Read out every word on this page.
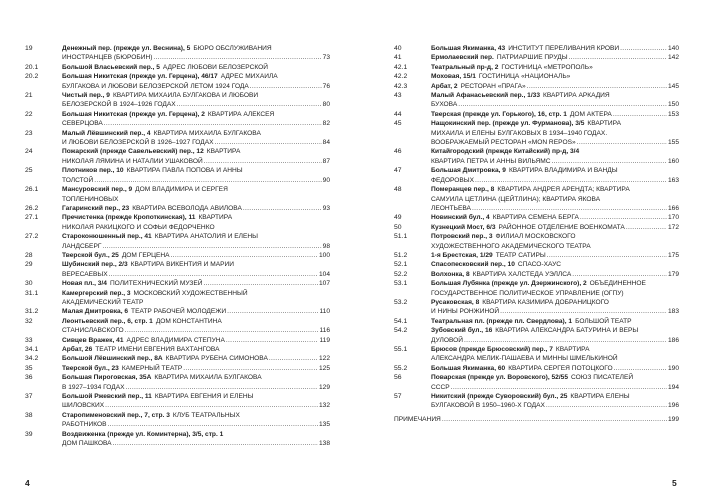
19	Денежный пер. (прежде ул. Веснина), 5 БЮРО ОБСЛУЖИВАНИЯ
ИНОСТРАНЦЕВ (БЮРОБИН) .....	73
20.1	Большой Власьевский пер., 5 АДРЕС ЛЮБОВИ БЕЛОЗЕРСКОЙ
20.2	Большая Никитская (прежде ул. Герцена), 46/17 АДРЕС МИХАИЛА
БУЛГАКОВА И ЛЮБОВИ БЕЛОЗЕРСКОЙ ЛЕТОМ 1924 ГОДА .....	76
21	Чистый пер., 9 КВАРТИРА МИХАИЛА БУЛГАКОВА И ЛЮБОВИ
БЕЛОЗЕРСКОЙ В 1924–1926 ГОДАХ .....	80
22	Большая Никитская (прежде ул. Герцена), 2 КВАРТИРА АЛЕКСЕЯ
СЕВЕРЦОВА .....	82
23	Малый Лёвшинский пер., 4 КВАРТИРА МИХАИЛА БУЛГАКОВА
И ЛЮБОВИ БЕЛОЗЕРСКОЙ В 1926–1927 ГОДАХ .....	84
24	Пожарский (прежде Савельевский) пер., 12 КВАРТИРА
НИКОЛАЯ ЛЯМИНА И НАТАЛИИ УШАКОВОЙ .....	87
25	Плотников пер., 10 КВАРТИРА ПАВЛА ПОПОВА И АННЫ
ТОЛСТОЙ .....	90
26.1	Мансуровский пер., 9 ДОМ ВЛАДИМИРА И СЕРГЕЯ
ТОПЛЕНИНОВЫХ
26.2	Гагаринский пер., 23 КВАРТИРА ВСЕВОЛОДА АВИЛОВА .....	93
27.1	Пречистенка (прежде Кропоткинская), 11 КВАРТИРА
НИКОЛАЯ РАКИЦКОГО И СОФЬИ ФЕДОРЧЕНКО
27.2	Староконюшенный пер., 41 КВАРТИРА АНАТОЛИЯ И ЕЛЕНЫ
ЛАНДСБЕРГ .....	98
28	Тверской бул., 25 ДОМ ГЕРЦЕНА .....	100
29	Шубинский пер., 2/3 КВАРТИРА ВИКЕНТИЯ И МАРИИ
ВЕРЕСАЕВЫХ .....	104
30	Новая пл., 3/4 ПОЛИТЕХНИЧЕСКИЙ МУЗЕЙ .....	107
31.1	Камергерский пер., 3 МОСКОВСКИЙ ХУДОЖЕСТВЕННЫЙ
АКАДЕМИЧЕСКИЙ ТЕАТР
31.2	Малая Дмитровка, 6 ТЕАТР РАБОЧЕЙ МОЛОДЕЖИ .....	110
32	Леонтьевский пер., 6, стр. 1 ДОМ КОНСТАНТИНА
СТАНИСЛАВСКОГО .....	116
33	Сивцев Вражек, 41 АДРЕС ВЛАДИМИРА СТЕПУНА .....	119
34.1	Арбат, 26 ТЕАТР ИМЕНИ ЕВГЕНИЯ ВАХТАНГОВА
34.2	Большой Лёвшинский пер., 8А КВАРТИРА РУБЕНА СИМОНОВА .....	122
35	Тверской бул., 23 КАМЕРНЫЙ ТЕАТР .....	125
36	Большая Пироговская, 35А КВАРТИРА МИХАИЛА БУЛГАКОВА
В 1927–1934 ГОДАХ .....	129
37	Большой Ржевский пер., 11 КВАРТИРА ЕВГЕНИЯ И ЕЛЕНЫ
ШИЛОВСКИХ .....	132
38	Старопименовский пер., 7, стр. 3 КЛУБ ТЕАТРАЛЬНЫХ
РАБОТНИКОВ .....	135
39	Воздвиженка (прежде ул. Коминтерна), 3/5, стр. 1
ДОМ ПАШКОВА .....	138
40	Большая Якиманка, 43 ИНСТИТУТ ПЕРЕЛИВАНИЯ КРОВИ .....	140
41	Ермолаевский пер. ПАТРИАРШИЕ ПРУДЫ .....	142
42.1	Театральный пр-д, 2 ГОСТИНИЦА «МЕТРОПОЛЬ»
42.2	Моховая, 15/1 ГОСТИНИЦА «НАЦИОНАЛЬ»
42.3	Арбат, 2 РЕСТОРАН «ПРАГА» .....	145
43	Малый Афанасьевский пер., 1/33 КВАРТИРА АРКАДИЯ
БУХОВА .....	150
44	Тверская (прежде ул. Горького), 16, стр. 1 ДОМ АКТЕРА .....	153
45	Нащокинский пер. (прежде ул. Фурманова), 3/5 КВАРТИРА
МИХАИЛА И ЕЛЕНЫ БУЛГАКОВЫХ В 1934–1940 ГОДАХ.
ВООБРАЖАЕМЫЙ РЕСТОРАН «MON REPOS» .....	155
46	Китайгородский (прежде Китайский) пр-д, 3/4
КВАРТИРА ПЕТРА И АННЫ ВИЛЬЯМС .....	160
47	Большая Дмитровка, 9 КВАРТИРА ВЛАДИМИРА И ВАНДЫ
ФЕДОРОВЫХ .....	163
48	Померанцев пер., 8 КВАРТИРА АНДРЕЯ АРЕНДТА; КВАРТИРА
САМУИЛА ЦЕТЛИНА (ЦЕЙТЛИНА); КВАРТИРА ЯКОВА
ЛЕОНТЬЕВА .....	166
49	Новинский бул., 4 КВАРТИРА СЕМЕНА БЕРГА .....	170
50	Кузнецкий Мост, 6/3 РАЙОННОЕ ОТДЕЛЕНИЕ ВОЕНКОМАТА .....	172
51.1	Потровский пер., 3 ФИЛИАЛ МОСКОВСКОГО
ХУДОЖЕСТВЕННОГО АКАДЕМИЧЕСКОГО ТЕАТРА
51.2	1-я Брестская, 1/29 ТЕАТР САТИРЫ .....	175
52.1	Спасопесковский пер., 10 СПАСО-ХАУС
52.2	Волхонка, 8 КВАРТИРА ХАЛСТЕДА УЭЛЛСА .....	179
53.1	Большая Лубянка (прежде ул. Дзержинского), 2 ОБЪЕДИНЕННОЕ
ГОСУДАРСТВЕННОЕ ПОЛИТИЧЕСКОЕ УПРАВЛЕНИЕ (ОГПУ)
53.2	Русаковская, 8 КВАРТИРА КАЗИМИРА ДОБРАНИЦКОГО
И НИНЫ РОНЖИНОЙ .....	183
54.1	Театральная пл. (прежде пл. Свердлова), 1 БОЛЬШОЙ ТЕАТР
54.2	Зубовский бул., 16 КВАРТИРА АЛЕКСАНДРА БАТУРИНА И ВЕРЫ
ДУЛОВОЙ .....	186
55.1	Брюсов (прежде Брюсовский) пер., 7 КВАРТИРА
АЛЕКСАНДРА МЕЛИК-ПАШАЕВА И МИННЫ ШМЕЛЬКИНОЙ
55.2	Большая Якиманка, 60 КВАРТИРА СЕРГЕЯ ПОТОЦКОГО .....	190
56	Поварская (прежде ул. Воровского), 52/55 СОЮЗ ПИСАТЕЛЕЙ
СССР .....	194
57	Никитский (прежде Суворовский) бул., 25 КВАРТИРА ЕЛЕНЫ
БУЛГАКОВОЙ В 1950–1960-Х ГОДАХ .....	196
ПРИМЕЧАНИЯ .....	199
4	5
